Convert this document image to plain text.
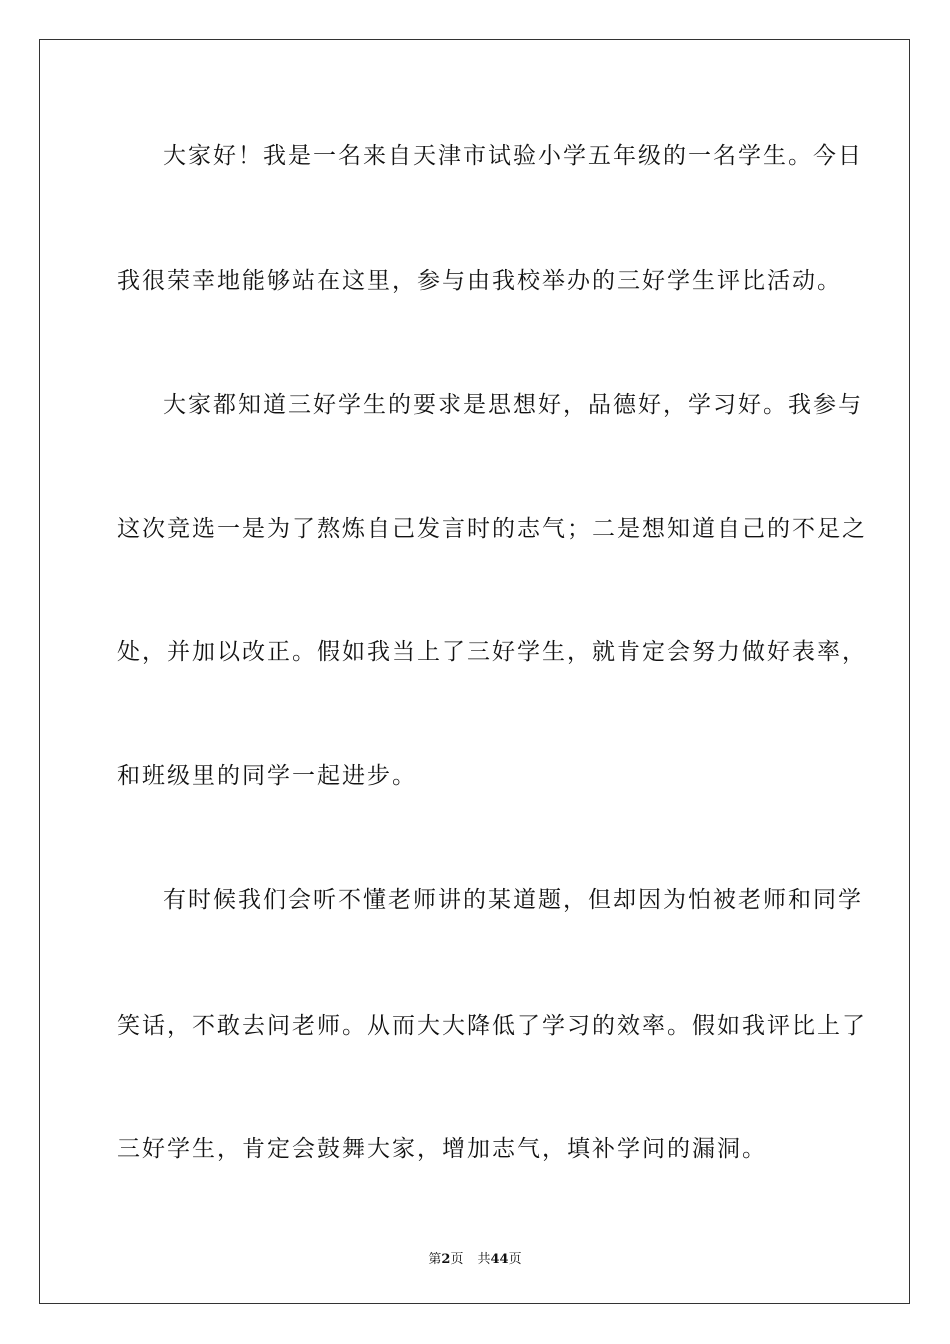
大家好！我是一名来自天津市试验小学五年级的一名学生。今日
我很荣幸地能够站在这里，参与由我校举办的三好学生评比活动。
大家都知道三好学生的要求是思想好，品德好，学习好。我参与
这次竞选一是为了熬炼自己发言时的志气；二是想知道自己的不足之
处，并加以改正。假如我当上了三好学生，就肯定会努力做好表率，
和班级里的同学一起进步。
有时候我们会听不懂老师讲的某道题，但却因为怕被老师和同学
笑话，不敢去问老师。从而大大降低了学习的效率。假如我评比上了
三好学生，肯定会鼓舞大家，增加志气，填补学问的漏洞。
第2页 共44页
